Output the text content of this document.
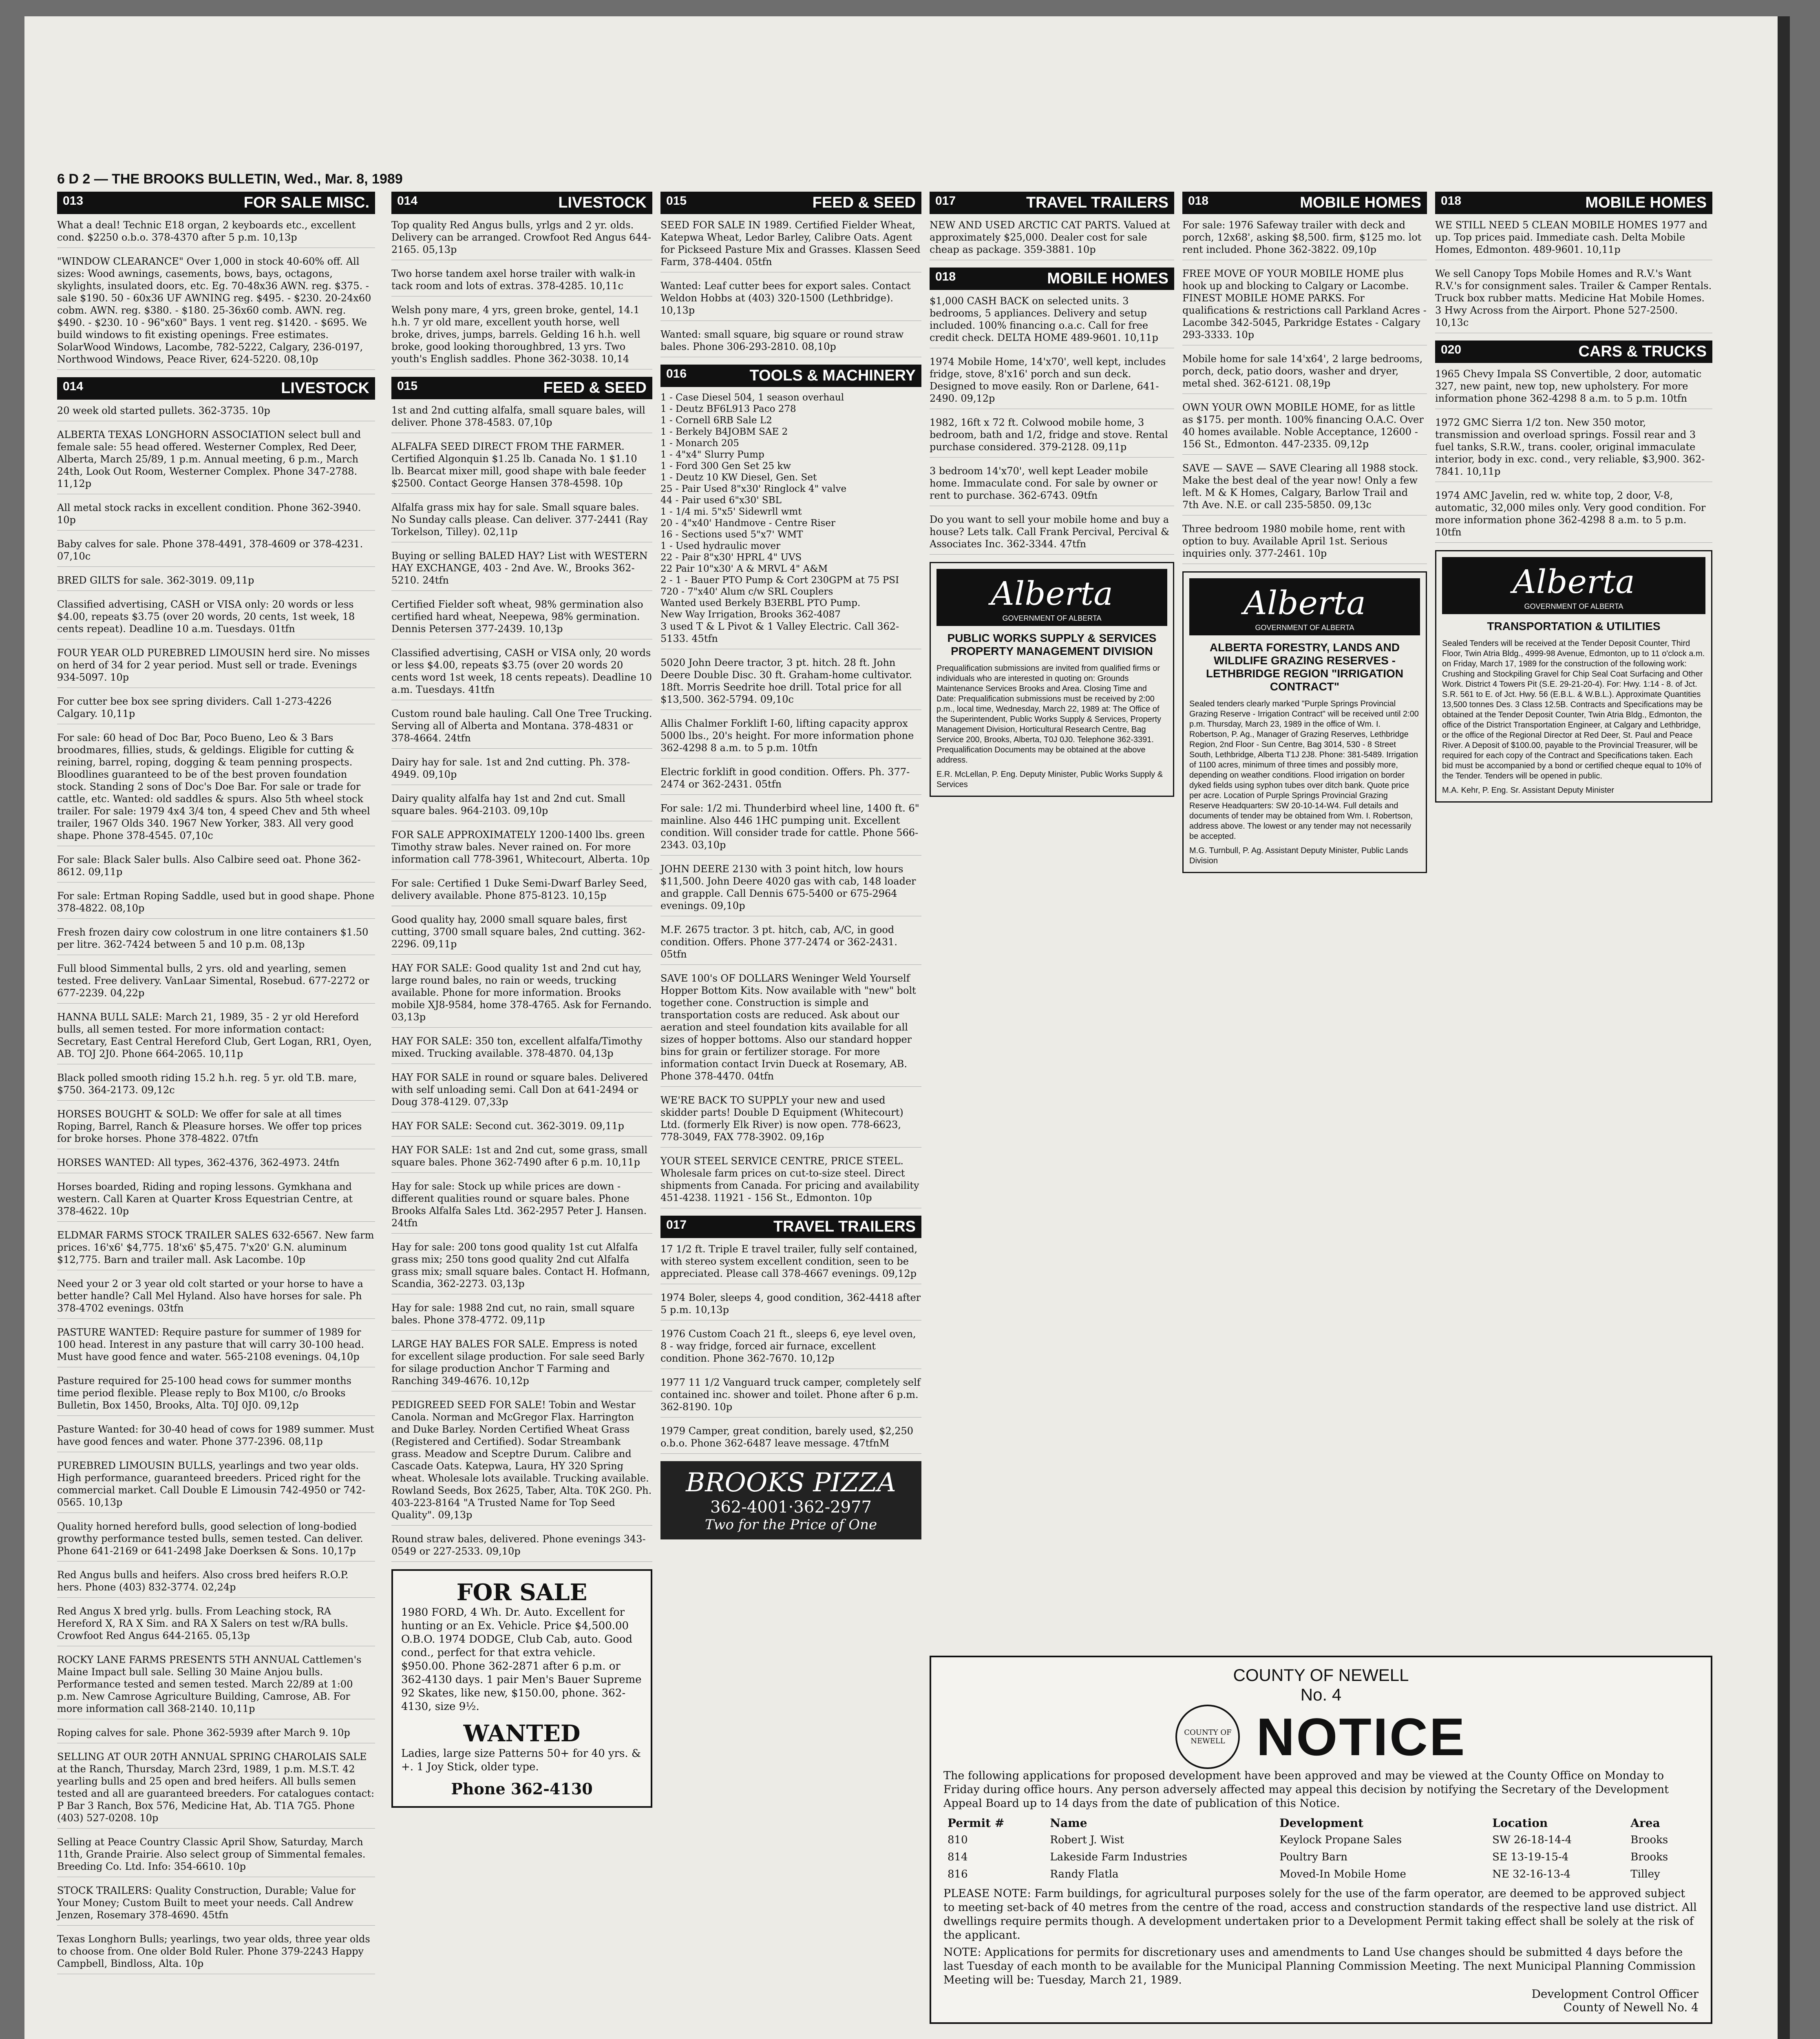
6 D 2 — THE BROOKS BULLETIN, Wed., Mar. 8, 1989
013	FOR SALE MISC.
What a deal! Technic E18 organ, 2 keyboards etc., excellent cond. $2250 o.b.o. 378-4370 after 5 p.m. 10,13p
"WINDOW CLEARANCE" Over 1,000 in stock 40-60% off. All sizes: Wood awnings, casements, bows, bays, octagons, skylights, insulated doors, etc. Eg. 70-48x36 AWN. reg. $375. - sale $190. 50 - 60x36 UF AWNING reg. $495. - $230. 20-24x60 cobm. AWN. reg. $380. - $180. 25-36x60 comb. AWN. reg. $490. - $230. 10 - 96"x60" Bays. 1 vent reg. $1420. - $695. We build windows to fit existing openings. Free estimates. SolarWood Windows, Lacombe, 782-5222, Calgary, 236-0197, Northwood Windows, Peace River, 624-5220. 08,10p
014	LIVESTOCK
20 week old started pullets. 362-3735. 10p
ALBERTA TEXAS LONGHORN ASSOCIATION select bull and female sale: 55 head offered. Westerner Complex, Red Deer, Alberta, March 25/89, 1 p.m. Annual meeting, 6 p.m., March 24th, Look Out Room, Westerner Complex. Phone 347-2788. 11,12p
All metal stock racks in excellent condition. Phone 362-3940. 10p
Baby calves for sale. Phone 378-4491, 378-4609 or 378-4231. 07,10c
BRED GILTS for sale. 362-3019. 09,11p
Classified advertising, CASH or VISA only: 20 words or less $4.00, repeats $3.75 (over 20 words, 20 cents, 1st week, 18 cents repeat). Deadline 10 a.m. Tuesdays. 01tfn
FOUR YEAR OLD PUREBRED LIMOUSIN herd sire. No misses on herd of 34 for 2 year period. Must sell or trade. Evenings 934-5097. 10p
For cutter bee box see spring dividers. Call 1-273-4226 Calgary. 10,11p
For sale: 60 head of Doc Bar, Poco Bueno, Leo & 3 Bars broodmares, fillies, studs, & geldings. Eligible for cutting & reining, barrel, roping, dogging & team penning prospects. Bloodlines guaranteed to be of the best proven foundation stock. Standing 2 sons of Doc's Doe Bar. For sale or trade for cattle, etc. Wanted: old saddles & spurs. Also 5th wheel stock trailer. For sale: 1979 4x4 3/4 ton, 4 speed Chev and 5th wheel trailer, 1967 Olds 340. 1967 New Yorker, 383. All very good shape. Phone 378-4545. 07,10c
For sale: Black Saler bulls. Also Calbire seed oat. Phone 362-8612. 09,11p
For sale: Ertman Roping Saddle, used but in good shape. Phone 378-4822. 08,10p
Fresh frozen dairy cow colostrum in one litre containers $1.50 per litre. 362-7424 between 5 and 10 p.m. 08,13p
Full blood Simmental bulls, 2 yrs. old and yearling, semen tested. Free delivery. VanLaar Simental, Rosebud. 677-2272 or 677-2239. 04,22p
HANNA BULL SALE: March 21, 1989, 35 - 2 yr old Hereford bulls, all semen tested. For more information contact: Secretary, East Central Hereford Club, Gert Logan, RR1, Oyen, AB. TOJ 2J0. Phone 664-2065. 10,11p
Black polled smooth riding 15.2 h.h. reg. 5 yr. old T.B. mare, $750. 364-2173. 09,12c
HORSES BOUGHT & SOLD: We offer for sale at all times Roping, Barrel, Ranch & Pleasure horses. We offer top prices for broke horses. Phone 378-4822. 07tfn
HORSES WANTED: All types, 362-4376, 362-4973. 24tfn
Horses boarded, Riding and roping lessons. Gymkhana and western. Call Karen at Quarter Kross Equestrian Centre, at 378-4622. 10p
ELDMAR FARMS STOCK TRAILER SALES 632-6567. New farm prices. 16'x6' $4,775. 18'x6' $5,475. 7'x20' G.N. aluminum $12,775. Barn and trailer mall. Ask Lacombe. 10p
Need your 2 or 3 year old colt started or your horse to have a better handle? Call Mel Hyland. Also have horses for sale. Ph 378-4702 evenings. 03tfn
PASTURE WANTED: Require pasture for summer of 1989 for 100 head. Interest in any pasture that will carry 30-100 head. Must have good fence and water. 565-2108 evenings. 04,10p
Pasture required for 25-100 head cows for summer months time period flexible. Please reply to Box M100, c/o Brooks Bulletin, Box 1450, Brooks, Alta. T0J 0J0. 09,12p
Pasture Wanted: for 30-40 head of cows for 1989 summer. Must have good fences and water. Phone 377-2396. 08,11p
PUREBRED LIMOUSIN BULLS, yearlings and two year olds. High performance, guaranteed breeders. Priced right for the commercial market. Call Double E Limousin 742-4950 or 742-0565. 10,13p
Quality horned hereford bulls, good selection of long-bodied growthy performance tested bulls, semen tested. Can deliver. Phone 641-2169 or 641-2498 Jake Doerksen & Sons. 10,17p
Red Angus bulls and heifers. Also cross bred heifers R.O.P. hers. Phone (403) 832-3774. 02,24p
Red Angus X bred yrlg. bulls. From Leaching stock, RA Hereford X, RA X Sim. and RA X Salers on test w/RA bulls. Crowfoot Red Angus 644-2165. 05,13p
ROCKY LANE FARMS PRESENTS 5TH ANNUAL Cattlemen's Maine Impact bull sale. Selling 30 Maine Anjou bulls. Performance tested and semen tested. March 22/89 at 1:00 p.m. New Camrose Agriculture Building, Camrose, AB. For more information call 368-2140. 10,11p
Roping calves for sale. Phone 362-5939 after March 9. 10p
SELLING AT OUR 20TH ANNUAL SPRING CHAROLAIS SALE at the Ranch, Thursday, March 23rd, 1989, 1 p.m. M.S.T. 42 yearling bulls and 25 open and bred heifers. All bulls semen tested and all are guaranteed breeders. For catalogues contact: P Bar 3 Ranch, Box 576, Medicine Hat, Ab. T1A 7G5. Phone (403) 527-0208. 10p
Selling at Peace Country Classic April Show, Saturday, March 11th, Grande Prairie. Also select group of Simmental females. Breeding Co. Ltd. Info: 354-6610. 10p
STOCK TRAILERS: Quality Construction, Durable; Value for Your Money; Custom Built to meet your needs. Call Andrew Jenzen, Rosemary 378-4690. 45tfn
Texas Longhorn Bulls; yearlings, two year olds, three year olds to choose from. One older Bold Ruler. Phone 379-2243 Happy Campbell, Bindloss, Alta. 10p
014	LIVESTOCK
Top quality Red Angus bulls, yrlgs and 2 yr. olds. Delivery can be arranged. Crowfoot Red Angus 644-2165. 05,13p
Two horse tandem axel horse trailer with walk-in tack room and lots of extras. 378-4285. 10,11c
Welsh pony mare, 4 yrs, green broke, gentel, 14.1 h.h. 7 yr old mare, excellent youth horse, well broke, drives, jumps, barrels. Gelding 16 h.h. well broke, good looking thoroughbred, 13 yrs. Two youth's English saddles. Phone 362-3038. 10,14
015	FEED & SEED
1st and 2nd cutting alfalfa, small square bales, will deliver. Phone 378-4583. 07,10p
ALFALFA SEED DIRECT FROM THE FARMER. Certified Algonquin $1.25 lb. Canada No. 1 $1.10 lb. Bearcat mixer mill, good shape with bale feeder $2500. Contact George Hansen 378-4598. 10p
Alfalfa grass mix hay for sale. Small square bales. No Sunday calls please. Can deliver. 377-2441 (Ray Torkelson, Tilley). 02,11p
Buying or selling BALED HAY? List with WESTERN HAY EXCHANGE, 403 - 2nd Ave. W., Brooks 362-5210. 24tfn
Certified Fielder soft wheat, 98% germination also certified hard wheat, Neepewa, 98% germination. Dennis Petersen 377-2439. 10,13p
Classified advertising, CASH or VISA only, 20 words or less $4.00, repeats $3.75 (over 20 words 20 cents word 1st week, 18 cents repeats). Deadline 10 a.m. Tuesdays. 41tfn
Custom round bale hauling. Call One Tree Trucking. Serving all of Alberta and Montana. 378-4831 or 378-4664. 24tfn
Dairy hay for sale. 1st and 2nd cutting. Ph. 378-4949. 09,10p
Dairy quality alfalfa hay 1st and 2nd cut. Small square bales. 964-2103. 09,10p
FOR SALE APPROXIMATELY 1200-1400 lbs. green Timothy straw bales. Never rained on. For more information call 778-3961, Whitecourt, Alberta. 10p
For sale: Certified 1 Duke Semi-Dwarf Barley Seed, delivery available. Phone 875-8123. 10,15p
Good quality hay, 2000 small square bales, first cutting, 3700 small square bales, 2nd cutting. 362-2296. 09,11p
HAY FOR SALE: Good quality 1st and 2nd cut hay, large round bales, no rain or weeds, trucking available. Phone for more information. Brooks mobile XJ8-9584, home 378-4765. Ask for Fernando. 03,13p
HAY FOR SALE: 350 ton, excellent alfalfa/Timothy mixed. Trucking available. 378-4870. 04,13p
HAY FOR SALE in round or square bales. Delivered with self unloading semi. Call Don at 641-2494 or Doug 378-4129. 07,33p
HAY FOR SALE: Second cut. 362-3019. 09,11p
HAY FOR SALE: 1st and 2nd cut, some grass, small square bales. Phone 362-7490 after 6 p.m. 10,11p
Hay for sale: Stock up while prices are down - different qualities round or square bales. Phone Brooks Alfalfa Sales Ltd. 362-2957 Peter J. Hansen. 24tfn
Hay for sale: 200 tons good quality 1st cut Alfalfa grass mix; 250 tons good quality 2nd cut Alfalfa grass mix; small square bales. Contact H. Hofmann, Scandia, 362-2273. 03,13p
Hay for sale: 1988 2nd cut, no rain, small square bales. Phone 378-4772. 09,11p
LARGE HAY BALES FOR SALE. Empress is noted for excellent silage production. For sale seed Barly for silage production Anchor T Farming and Ranching 349-4676. 10,12p
PEDIGREED SEED FOR SALE! Tobin and Westar Canola. Norman and McGregor Flax. Harrington and Duke Barley. Norden Certified Wheat Grass (Registered and Certified). Sodar Streambank grass. Meadow and Sceptre Durum. Calibre and Cascade Oats. Katepwa, Laura, HY 320 Spring wheat. Wholesale lots available. Trucking available. Rowland Seeds, Box 2625, Taber, Alta. T0K 2G0. Ph. 403-223-8164 "A Trusted Name for Top Seed Quality". 09,13p
Round straw bales, delivered. Phone evenings 343-0549 or 227-2533. 09,10p
FOR SALE
1980 FORD, 4 Wh. Dr. Auto. Excellent for hunting or an Ex. Vehicle. Price $4,500.00 O.B.O. 1974 DODGE, Club Cab, auto. Good cond., perfect for that extra vehicle. $950.00. Phone 362-2871 after 6 p.m. or 362-4130 days. 1 pair Men's Bauer Supreme 92 Skates, like new, $150.00, phone. 362-4130, size 9½.
WANTED
Ladies, large size Patterns 50+ for 40 yrs. & +. 1 Joy Stick, older type.
Phone 362-4130
015	FEED & SEED
SEED FOR SALE IN 1989. Certified Fielder Wheat, Katepwa Wheat, Ledor Barley, Calibre Oats. Agent for Pickseed Pasture Mix and Grasses. Klassen Seed Farm, 378-4404. 05tfn
Wanted: Leaf cutter bees for export sales. Contact Weldon Hobbs at (403) 320-1500 (Lethbridge). 10,13p
Wanted: small square, big square or round straw bales. Phone 306-293-2810. 08,10p
016	TOOLS & MACHINERY
1 - Case Diesel 504, 1 season overhaul
1 - Deutz BF6L913 Paco 278
1 - Cornell 6RB Sale L2
1 - Berkely B4JOBM SAE 2
1 - Monarch 205
1 - 4"x4" Slurry Pump
1 - Ford 300 Gen Set 25 kw
1 - Deutz 10 KW Diesel, Gen. Set
25 - Pair Used 8"x30' Ringlock 4" valve
44 - Pair used 6"x30' SBL
1 - 1/4 mi. 5"x5' Sidewrll wmt
20 - 4"x40' Handmove - Centre Riser
16 - Sections used 5"x7' WMT
1 - Used hydraulic mover
22 - Pair 8"x30' HPRL 4" UVS
22 Pair 10"x30' A & MRVL 4" A&M
2 - 1 - Bauer PTO Pump & Cort 230GPM at 75 PSI
720 - 7"x40' Alum c/w SRL Couplers
Wanted used Berkely B3ERBL PTO Pump.
New Way Irrigation, Brooks 362-4087
3 used T & L Pivot & 1 Valley Electric. Call 362-5133. 45tfn
5020 John Deere tractor, 3 pt. hitch. 28 ft. John Deere Double Disc. 30 ft. Graham-home cultivator. 18ft. Morris Seedrite hoe drill. Total price for all $13,500. 362-5794. 09,10c
Allis Chalmer Forklift I-60, lifting capacity approx 5000 lbs., 20's height. For more information phone 362-4298 8 a.m. to 5 p.m. 10tfn
Electric forklift in good condition. Offers. Ph. 377-2474 or 362-2431. 05tfn
For sale: 1/2 mi. Thunderbird wheel line, 1400 ft. 6" mainline. Also 446 1HC pumping unit. Excellent condition. Will consider trade for cattle. Phone 566-2343. 03,10p
JOHN DEERE 2130 with 3 point hitch, low hours $11,500. John Deere 4020 gas with cab, 148 loader and grapple. Call Dennis 675-5400 or 675-2964 evenings. 09,10p
M.F. 2675 tractor. 3 pt. hitch, cab, A/C, in good condition. Offers. Phone 377-2474 or 362-2431. 05tfn
SAVE 100's OF DOLLARS Weninger Weld Yourself Hopper Bottom Kits. Now available with "new" bolt together cone. Construction is simple and transportation costs are reduced. Ask about our aeration and steel foundation kits available for all sizes of hopper bottoms. Also our standard hopper bins for grain or fertilizer storage. For more information contact Irvin Dueck at Rosemary, AB. Phone 378-4470. 04tfn
WE'RE BACK TO SUPPLY your new and used skidder parts! Double D Equipment (Whitecourt) Ltd. (formerly Elk River) is now open. 778-6623, 778-3049, FAX 778-3902. 09,16p
YOUR STEEL SERVICE CENTRE, PRICE STEEL. Wholesale farm prices on cut-to-size steel. Direct shipments from Canada. For pricing and availability 451-4238. 11921 - 156 St., Edmonton. 10p
017	TRAVEL TRAILERS
17 1/2 ft. Triple E travel trailer, fully self contained, with stereo system excellent condition, seen to be appreciated. Please call 378-4667 evenings. 09,12p
1974 Boler, sleeps 4, good condition, 362-4418 after 5 p.m. 10,13p
1976 Custom Coach 21 ft., sleeps 6, eye level oven, 8 - way fridge, forced air furnace, excellent condition. Phone 362-7670. 10,12p
1977 11 1/2 Vanguard truck camper, completely self contained inc. shower and toilet. Phone after 6 p.m. 362-8190. 10p
1979 Camper, great condition, barely used, $2,250 o.b.o. Phone 362-6487 leave message. 47tfnM
BROOKS PIZZA
362-4001·362-2977
Two for the Price of One
017	TRAVEL TRAILERS
NEW AND USED ARCTIC CAT PARTS. Valued at approximately $25,000. Dealer cost for sale cheap as package. 359-3881. 10p
018	MOBILE HOMES
$1,000 CASH BACK on selected units. 3 bedrooms, 5 appliances. Delivery and setup included. 100% financing o.a.c. Call for free credit check. DELTA HOME 489-9601. 10,11p
1974 Mobile Home, 14'x70', well kept, includes fridge, stove, 8'x16' porch and sun deck. Designed to move easily. Ron or Darlene, 641-2490. 09,12p
1982, 16ft x 72 ft. Colwood mobile home, 3 bedroom, bath and 1/2, fridge and stove. Rental purchase considered. 379-2128. 09,11p
3 bedroom 14'x70', well kept Leader mobile home. Immaculate cond. For sale by owner or rent to purchase. 362-6743. 09tfn
Do you want to sell your mobile home and buy a house? Lets talk. Call Frank Percival, Percival & Associates Inc. 362-3344. 47tfn
Alberta
GOVERNMENT OF ALBERTA
PUBLIC WORKS SUPPLY & SERVICES PROPERTY MANAGEMENT DIVISION

Prequalification submissions are invited from qualified firms or individuals who are interested in quoting on: Grounds Maintenance Services Brooks and Area. Closing Time and Date: Prequalification submissions must be received by 2:00 p.m., local time, Wednesday, March 22, 1989 at: The Office of the Superintendent, Public Works Supply & Services, Property Management Division, Horticultural Research Centre, Bag Service 200, Brooks, Alberta, T0J 0J0. Telephone 362-3391. Prequalification Documents may be obtained at the above address.

E.R. McLellan, P. Eng. Deputy Minister, Public Works Supply & Services

018	MOBILE HOMES
For sale: 1976 Safeway trailer with deck and porch, 12x68', asking $8,500. firm, $125 mo. lot rent included. Phone 362-3822. 09,10p
FREE MOVE OF YOUR MOBILE HOME plus hook up and blocking to Calgary or Lacombe. FINEST MOBILE HOME PARKS. For qualifications & restrictions call Parkland Acres - Lacombe 342-5045, Parkridge Estates - Calgary 293-3333. 10p
Mobile home for sale 14'x64', 2 large bedrooms, porch, deck, patio doors, washer and dryer, metal shed. 362-6121. 08,19p
OWN YOUR OWN MOBILE HOME, for as little as $175. per month. 100% financing O.A.C. Over 40 homes available. Noble Acceptance, 12600 - 156 St., Edmonton. 447-2335. 09,12p
SAVE — SAVE — SAVE Clearing all 1988 stock. Make the best deal of the year now! Only a few left. M & K Homes, Calgary, Barlow Trail and 7th Ave. N.E. or call 235-5850. 09,13c
Three bedroom 1980 mobile home, rent with option to buy. Available April 1st. Serious inquiries only. 377-2461. 10p
Alberta
GOVERNMENT OF ALBERTA
ALBERTA FORESTRY, LANDS AND WILDLIFE GRAZING RESERVES - LETHBRIDGE REGION "IRRIGATION CONTRACT"

Sealed tenders clearly marked "Purple Springs Provincial Grazing Reserve - Irrigation Contract" will be received until 2:00 p.m. Thursday, March 23, 1989 in the office of Wm. I. Robertson, P. Ag., Manager of Grazing Reserves, Lethbridge Region, 2nd Floor - Sun Centre, Bag 3014, 530 - 8 Street South, Lethbridge, Alberta T1J 2J8. Phone: 381-5489. Irrigation of 1100 acres, minimum of three times and possibly more, depending on weather conditions. Flood irrigation on border dyked fields using syphon tubes over ditch bank. Quote price per acre. Location of Purple Springs Provincial Grazing Reserve Headquarters: SW 20-10-14-W4. Full details and documents of tender may be obtained from Wm. I. Robertson, address above. The lowest or any tender may not necessarily be accepted.

M.G. Turnbull, P. Ag. Assistant Deputy Minister, Public Lands Division

018	MOBILE HOMES
WE STILL NEED 5 CLEAN MOBILE HOMES 1977 and up. Top prices paid. Immediate cash. Delta Mobile Homes, Edmonton. 489-9601. 10,11p
We sell Canopy Tops Mobile Homes and R.V.'s Want R.V.'s for consignment sales. Trailer & Camper Rentals. Truck box rubber matts. Medicine Hat Mobile Homes. 3 Hwy Across from the Airport. Phone 527-2500. 10,13c
020	CARS & TRUCKS
1965 Chevy Impala SS Convertible, 2 door, automatic 327, new paint, new top, new upholstery. For more information phone 362-4298 8 a.m. to 5 p.m. 10tfn
1972 GMC Sierra 1/2 ton. New 350 motor, transmission and overload springs. Fossil rear and 3 fuel tanks, S.R.W., trans. cooler, original immaculate interior, body in exc. cond., very reliable, $3,900. 362-7841. 10,11p
1974 AMC Javelin, red w. white top, 2 door, V-8, automatic, 32,000 miles only. Very good condition. For more information phone 362-4298 8 a.m. to 5 p.m. 10tfn
Alberta
GOVERNMENT OF ALBERTA
TRANSPORTATION & UTILITIES

Sealed Tenders will be received at the Tender Deposit Counter, Third Floor, Twin Atria Bldg., 4999-98 Avenue, Edmonton, up to 11 o'clock a.m. on Friday, March 17, 1989 for the construction of the following work: Crushing and Stockpiling Gravel for Chip Seal Coat Surfacing and Other Work. District 4 Towers Pit (S.E. 29-21-20-4). For: Hwy. 1:14 - 8. of Jct. S.R. 561 to E. of Jct. Hwy. 56 (E.B.L. & W.B.L.). Approximate Quantities 13,500 tonnes Des. 3 Class 12.5B. Contracts and Specifications may be obtained at the Tender Deposit Counter, Twin Atria Bldg., Edmonton, the office of the District Transportation Engineer, at Calgary and Lethbridge, or the office of the Regional Director at Red Deer, St. Paul and Peace River. A Deposit of $100.00, payable to the Provincial Treasurer, will be required for each copy of the Contract and Specifications taken. Each bid must be accompanied by a bond or certified cheque equal to 10% of the Tender. Tenders will be opened in public.

M.A. Kehr, P. Eng. Sr. Assistant Deputy Minister

COUNTY OF NEWELL
No. 4
COUNTY OF NEWELL NOTICE
The following applications for proposed development have been approved and may be viewed at the County Office on Monday to Friday during office hours. Any person adversely affected may appeal this decision by notifying the Secretary of the Development Appeal Board up to 14 days from the date of publication of this Notice.
Permit #	Name	Development	Location	Area
810	Robert J. Wist	Keylock Propane Sales	SW 26-18-14-4	Brooks
814	Lakeside Farm Industries	Poultry Barn	SE 13-19-15-4	Brooks
816	Randy Flatla	Moved-In Mobile Home	NE 32-16-13-4	Tilley
PLEASE NOTE: Farm buildings, for agricultural purposes solely for the use of the farm operator, are deemed to be approved subject to meeting set-back of 40 metres from the centre of the road, access and construction standards of the respective land use district. All dwellings require permits though. A development undertaken prior to a Development Permit taking effect shall be solely at the risk of the applicant.
NOTE: Applications for permits for discretionary uses and amendments to Land Use changes should be submitted 4 days before the last Tuesday of each month to be available for the Municipal Planning Commission Meeting. The next Municipal Planning Commission Meeting will be: Tuesday, March 21, 1989.
Development Control Officer
County of Newell No. 4
